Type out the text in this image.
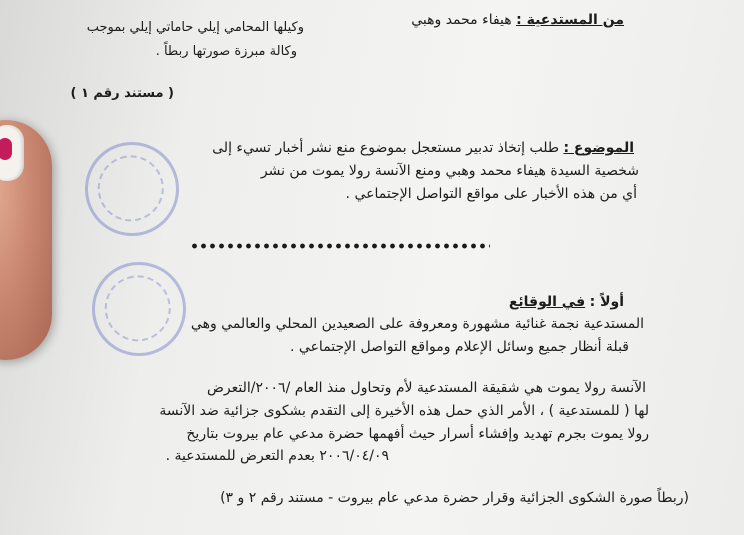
من المستدعية : هيفاء محمد وهبي
وكيلها المحامي إيلي حاماتي إيلي بموجب
وكالة مبرزة صورتها ربطاً .
( مستند رقم ١ )
الموضوع : طلب إتخاذ تدبير مستعجل بموضوع منع نشر أخبار تسيء إلى
شخصية السيدة هيفاء محمد وهبي ومنع الآنسة رولا يموت من نشر
أي من هذه الأخبار على مواقع التواصل الإجتماعي .
أولاً : في الوقائع
المستدعية نجمة غنائية مشهورة ومعروفة على الصعيدين المحلي والعالمي وهي
قبلة أنظار جميع وسائل الإعلام ومواقع التواصل الإجتماعي .
الآنسة رولا يموت هي شقيقة المستدعية لأم وتحاول منذ العام /٢٠٠٦/التعرض
لها ( للمستدعية ) ، الأمر الذي حمل هذه الأخيرة إلى التقدم بشكوى جزائية ضد الآنسة
رولا يموت بجرم تهديد وإفشاء أسرار حيث أفهمها حضرة مدعي عام بيروت بتاريخ
٢٠٠٦/٠٤/٠٩ بعدم التعرض للمستدعية .
(ربطاً صورة الشكوى الجزائية وقرار حضرة مدعي عام بيروت - مستند رقم ٢ و ٣)
